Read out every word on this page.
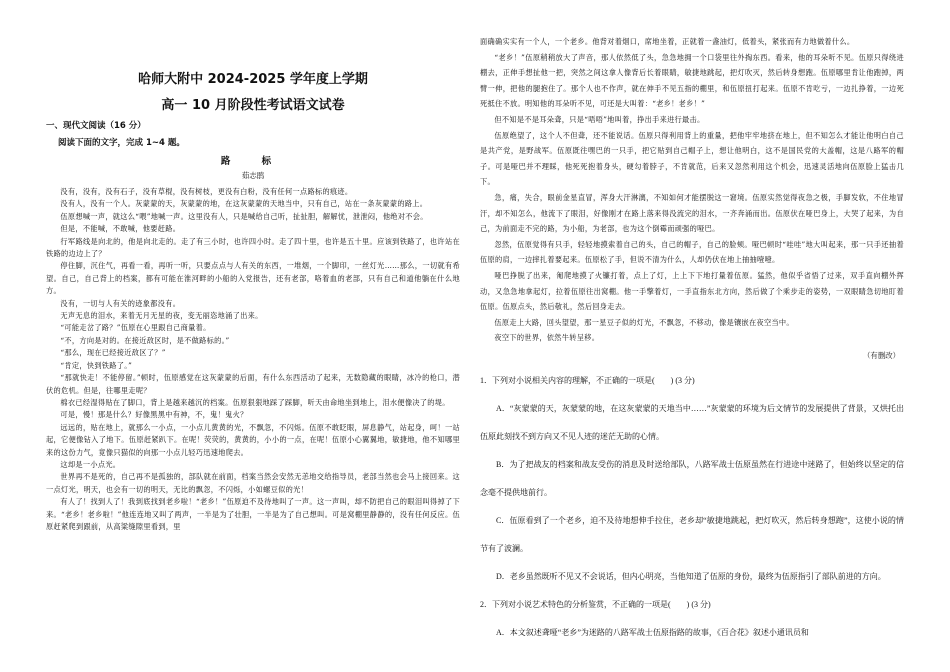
哈师大附中 2024-2025 学年度上学期
高一 10 月阶段性考试语文试卷
一、现代文阅读（16 分）
阅读下面的文字，完成 1~4 题。
路 标
茹志鹃

没有，没有，没有石子，没有草棍，没有树枝，更没有白粉，没有任何一点路标的痕迹。

没有人，没有一个人。灰蒙蒙的天，灰蒙蒙的地，在这灰蒙蒙的天地当中，只有自己，站在一条灰蒙蒙的路上。

伍原想喊一声，就这么“喂”地喊一声。这里没有人，只是喊给自己听，扯扯胆，解解忧，泄泄闷，他绝对不会。

但是，不能喊，不敢喊，他要赶路。

行军路线是向北的，他是向北走的。走了有三小时，也许四小时。走了四十里，也许是五十里。应该到铁路了，也许站在铁路的边边上了？

停住脚，沉住气，再看一看，再听一听，只要点点与人有关的东西，一堆烟，一个脚印，一丝灯光……那么，一切就有希望。自己，自己背上的档案，都有可能在淮河畔的小船的入党报告，还有老部，咯着血的老部，只有自己和道他躺在什么地方。

没有，一切与人有关的迹象都没有。

无声无息的泪水，来着无月无星的夜，变无丽恣地涌了出来。

“可能走岔了路？”伍原在心里跟自己商量着。

“不，方向是对的。在接近敌区时，是不做路标的。”

“那么，现在已经接近敌区了？”

“肯定，快到铁路了。”

“那就快走！不能停留。”顿时，伍原感觉在这灰蒙蒙的后面，有什么东西活动了起来，无数隐藏的眼睛，冰冷的枪口，潜伏的危机。但是，往哪里走呢？

棉衣已经湿得贴在了脚口，背上是越来越沉的档案。伍原狠狠地踩了踩脚，听天由命地坐到地上，泪水便像决了的堤。

可是，慢！那是什么？好像黑黑中有神，不，鬼！鬼火？

远远的，贴在地上，就那么一小点，一小点儿黄黄的光，不飘忽，不闪烁。伍原不敢眨眼，屏息静气，站起身，呵！一站起，它便像钻入了地下。伍原赶紧趴下。在呢！荧荧的，黄黄的，小小的一点，在呢！伍原小心翼翼地，敏捷地，他不知哪里来的这份力气，竟像只猫似的向那一小点儿轻巧迅速地爬去。

这却是一小点光。

世界再不是死的，自己再不是孤独的，部队就在前面，档案当然会安然无恙地交给指导员，老部当然也会马上接回来。这一点灯光，明天，也会有一切的明天，无比的飘忽，不闪烁，小如螺豆似的光！

有人了！找到人了！我到底找到老乡啦！“老乡！”伍原迫不及待地叫了一声。这一声叫，却不防把自己的眼泪叫得掉了下来。“老乡！老乡啦！”他连连地又叫了两声，一半是为了壮胆，一半是为了自己想叫。可是窝棚里静静的，没有任何反应。伍原赶紧爬到跟前，从高粱缝隙里看到，里

面确确实实有一个人，一个老乡。他背对着烟口，席地坐着，正就着一盏油灯，低着头，紧张而有力地做着什么。

“老乡！”伍原稍稍放大了声音，那人依然低了头，急急地拥一个口袋里往外掏东西。看来，他的耳朵听不见。伍原只得绕进棚去，正伸手想扯他一把，突然之间这拿人像背后长着眼睛，敏捷地跳起，把灯吹灭，然后转身想跑。伍原哪里肯让他跑掉，两臂一伸，把他的腿抱住了。那个人也不作声，就在伸手不见五指的棚里，和伍原扭打起来。伍原不肯吃亏，一边扎挣着，一边死死抵住不放。明知他的耳朵听不见，可还是大叫着：“老乡！老乡！”

但不知是不是耳朵聋，只是“唔唔”地叫着，挣出手来进行最击。

伍原绝望了，这个人不但聋，还不能说话。伍原只得利用背上的重量，把他牢牢地挤在地上，但不知怎么才能让他明白自己是共产党，是野战军。伍原既往嘿巴的一只手，把它贴到自己帽子上，想让他明白，这不是国民党的大盖帽，这是八路军的帽子。可是哑巴并不理睬，他死死抱着身头，硬勾着脖子，不肯就范，后来又忽然利用这个机会，迅速灵活地向伍原脸上猛击几下。

急，痛，失合，眼前金星直冒，浑身大汗淋漓，不知如何才能摆脱这一窘境。伍原实然觉得夜急之极，手脚发软，不住地冒汗，却不知怎么，他流下了眼泪，好像刚才在路上落来得没流完的泪水，一齐奔涌而出。伍原伏在哑巴身上，大哭了起来，为自己，为前面走不完的路，为小船，为老部，也为这个倒霉而顽强的哑巴。

忽然，伍原觉得有只手，轻轻地摸索着自己的头，自己的帽子，自己的脸颊。哑巴顿时“哇哇”地大叫起来，那一只手还抽着伍原的肩，一边摔扎着要起来。伍原松了手，但说不清为什么，人却仍伏在地上抽抽噎噎。

哑巴挣脱了出来，匍爬地摸了火镰打着，点上了灯，上上下下地打量着伍原。猛然，他似乎省悟了过来，双手直向棚外挥动，又急急地拿起灯，拉着伍原往出窝棚。他一手擎着灯，一手直指东北方向，然后做了个乘步走的姿势，一双眼睛急切地盯着伍原。伍原点头，然后敬礼，然后回身走去。

伍原走上大路，回头望望，那一星豆子似的灯光，不飘忽，不移动，像是镶嵌在夜空当中。

夜空下的世界，依然牛转呈移。

（有删改）

1．下列对小说相关内容的理解，不正确的一项是(　　) (3 分)

A．“灰蒙蒙的天，灰蒙蒙的地，在这灰蒙蒙的天地当中……”灰蒙蒙的环境为后文情节的发展提供了背景，又烘托出伍原此刻找不到方向又不见人迹的迷茫无助的心情。

B．为了把战友的档案和战友受伤的消息及时送给部队，八路军战士伍原虽然在行进途中迷路了，但始终以坚定的信念毫不提供地前行。

C．伍原看到了一个老乡，迫不及待地想伸手拉住，老乡却“敏捷地跳起，把灯吹灭，然后转身想跑”，这使小说的情节有了波澜。

D．老乡虽然既听不见又不会说话，但内心明亮，当他知道了伍原的身份，最终为伍原指引了部队前进的方向。

2．下列对小说艺术特色的分析鉴赏，不正确的一项是(　　) (3 分)

A．本文叙述聋哑“老乡”为迷路的八路军战士伍原指路的故事，《百合花》叙述小通讯员和
